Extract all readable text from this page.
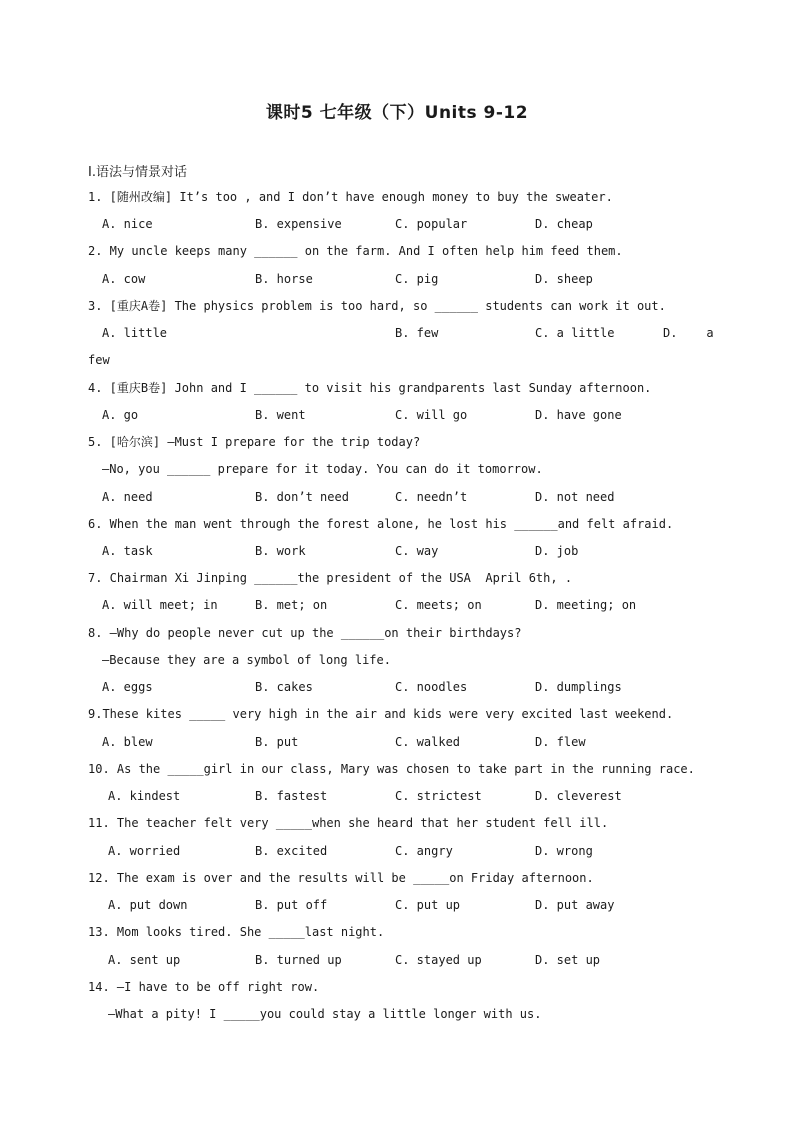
课时5 七年级（下）Units 9-12
Ⅰ.语法与情景对话
1. [随州改编] It’s too , and I don’t have enough money to buy the sweater.
A. nice	B. expensive	C. popular	D. cheap
2. My uncle keeps many ______ on the farm. And I often help him feed them.
A. cow	B. horse	C. pig	D. sheep
3. [重庆A卷] The physics problem is too hard, so ______ students can work it out.
A. little	B. few	C. a little	D.    a
few
4. [重庆B卷] John and I ______ to visit his grandparents last Sunday afternoon.
A. go	B. went	C. will go	D. have gone
5. [哈尔滨] —Must I prepare for the trip today?
—No, you ______ prepare for it today. You can do it tomorrow.
A. need	B. don’t need	C. needn’t	D. not need
6. When the man went through the forest alone, he lost his ______and felt afraid.
A. task	B. work	C. way	D. job
7. Chairman Xi Jinping ______the president of the USA  April 6th, .
A. will meet; in	B. met; on	C. meets; on	D. meeting; on
8. —Why do people never cut up the ______on their birthdays?
—Because they are a symbol of long life.
A. eggs	B. cakes	C. noodles	D. dumplings
9.These kites _____ very high in the air and kids were very excited last weekend.
A. blew	B. put	C. walked	D. flew
10. As the _____girl in our class, Mary was chosen to take part in the running race.
A. kindest	B. fastest	C. strictest	D. cleverest
11. The teacher felt very _____when she heard that her student fell ill.
A. worried	B. excited	C. angry	D. wrong
12. The exam is over and the results will be _____on Friday afternoon.
A. put down	B. put off	C. put up	D. put away
13. Mom looks tired. She _____last night.
A. sent up	B. turned up	C. stayed up	D. set up
14. —I have to be off right row.
—What a pity! I _____you could stay a little longer with us.
